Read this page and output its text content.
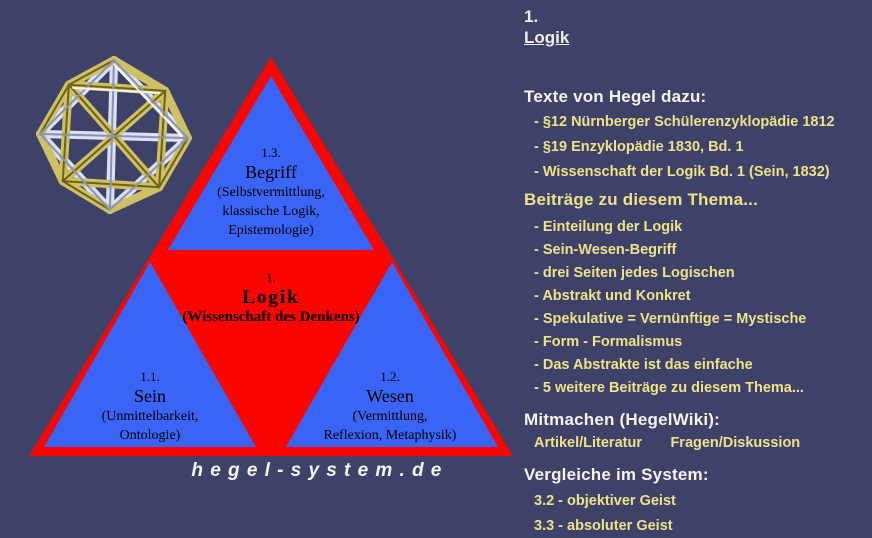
1.3.
Begriff
(Selbstvermittlung,
klassische Logik,
Epistemologie)
1.
Logik
(Wissenschaft des Denkens)
1.1.
Sein
(Unmittelbarkeit,
Ontologie)
1.2.
Wesen
(Vermittlung,
Reflexion, Metaphysik)
hegel-system.de
1.
Logik
Texte von Hegel dazu:
- §12 Nürnberger Schülerenzyklopädie 1812
- §19 Enzyklopädie 1830, Bd. 1
- Wissenschaft der Logik Bd. 1 (Sein, 1832)
Beiträge zu diesem Thema...
- Einteilung der Logik
- Sein-Wesen-Begriff
- drei Seiten jedes Logischen
- Abstrakt und Konkret
- Spekulative = Vernünftige = Mystische
- Form - Formalismus
- Das Abstrakte ist das einfache
- 5 weitere Beiträge zu diesem Thema...
Mitmachen (HegelWiki):
Artikel/Literatur Fragen/Diskussion
Vergleiche im System:
3.2 - objektiver Geist
3.3 - absoluter Geist
